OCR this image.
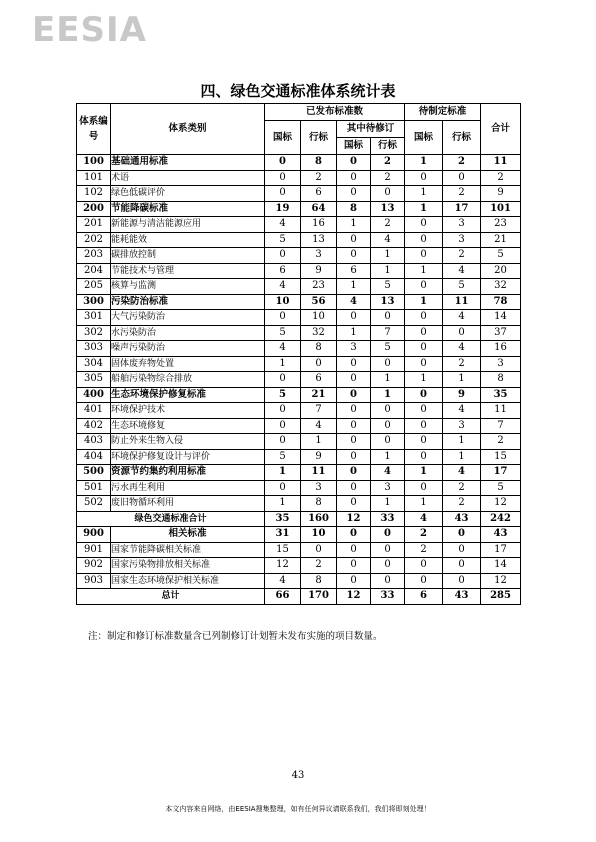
EESIA
四、绿色交通标准体系统计表
体系编号	体系类别	已发布标准数				待制定标准		合计
		国标	行标	其中待修订		国标	行标	
				国标	行标			
100	基础通用标准	0	8	0	2	1	2	11
101	术语	0	2	0	2	0	0	2
102	绿色低碳评价	0	6	0	0	1	2	9
200	节能降碳标准	19	64	8	13	1	17	101
201	新能源与清洁能源应用	4	16	1	2	0	3	23
202	能耗能效	5	13	0	4	0	3	21
203	碳排放控制	0	3	0	1	0	2	5
204	节能技术与管理	6	9	6	1	1	4	20
205	核算与监测	4	23	1	5	0	5	32
300	污染防治标准	10	56	4	13	1	11	78
301	大气污染防治	0	10	0	0	0	4	14
302	水污染防治	5	32	1	7	0	0	37
303	噪声污染防治	4	8	3	5	0	4	16
304	固体废弃物处置	1	0	0	0	0	2	3
305	船舶污染物综合排放	0	6	0	1	1	1	8
400	生态环境保护修复标准	5	21	0	1	0	9	35
401	环境保护技术	0	7	0	0	0	4	11
402	生态环境修复	0	4	0	0	0	3	7
403	防止外来生物入侵	0	1	0	0	0	1	2
404	环境保护修复设计与评价	5	9	0	1	0	1	15
500	资源节约集约利用标准	1	11	0	4	1	4	17
501	污水再生利用	0	3	0	3	0	2	5
502	废旧物循环利用	1	8	0	1	1	2	12
绿色交通标准合计		35	160	12	33	4	43	242
900	相关标准	31	10	0	0	2	0	43
901	国家节能降碳相关标准	15	0	0	0	2	0	17
902	国家污染物排放相关标准	12	2	0	0	0	0	14
903	国家生态环境保护相关标准	4	8	0	0	0	0	12
总计		66	170	12	33	6	43	285
注：制定和修订标准数量含已列制修订计划暂未发布实施的项目数量。
43
本文内容来自网络，由EESIA搜集整理，如有任何异议请联系我们，我们将即刻处理！
